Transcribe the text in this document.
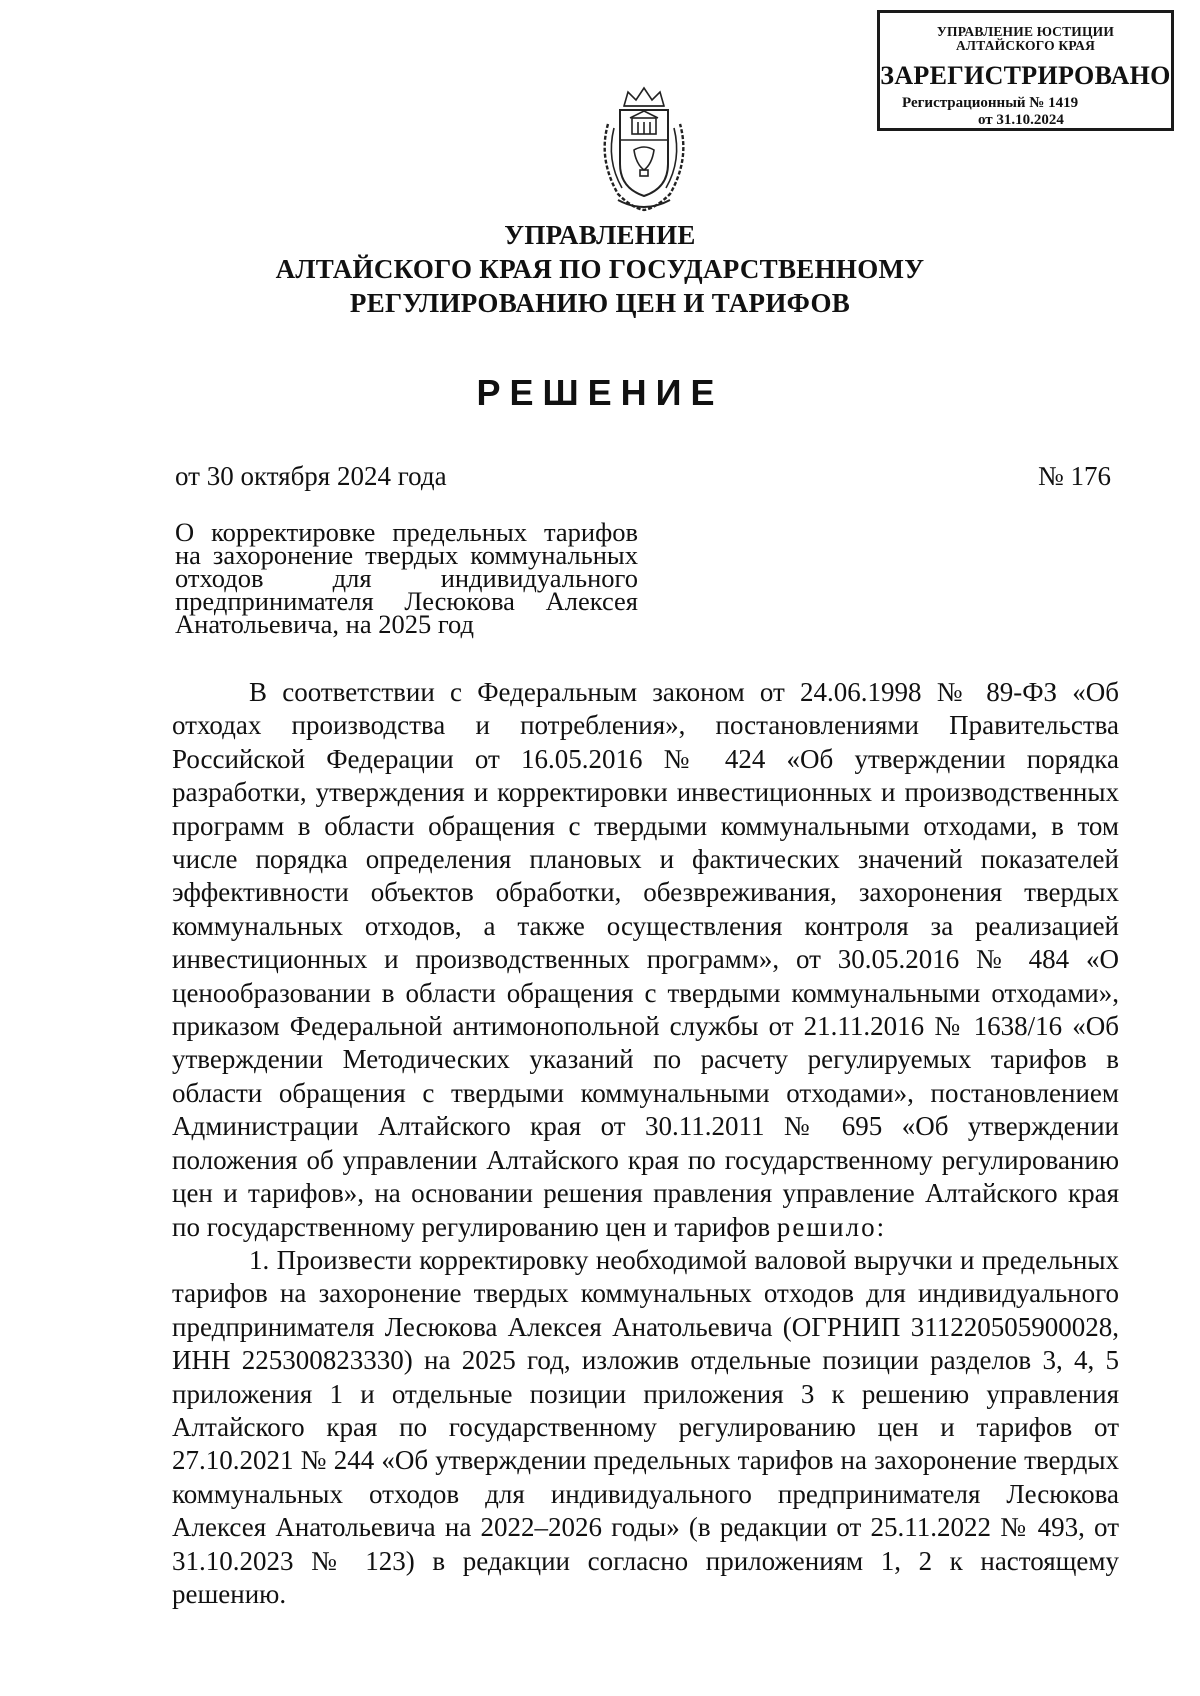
УПРАВЛЕНИЕ ЮСТИЦИИ
АЛТАЙСКОГО КРАЯ
ЗАРЕГИСТРИРОВАНО
Регистрационный № 1419
от 31.10.2024
УПРАВЛЕНИЕ
АЛТАЙСКОГО КРАЯ ПО ГОСУДАРСТВЕННОМУ
РЕГУЛИРОВАНИЮ ЦЕН И ТАРИФОВ
РЕШЕНИЕ
от 30 октября 2024 года	№ 176
О корректировке предельных тарифов
на захоронение твердых коммунальных
отходов для индивидуального
предпринимателя Лесюкова Алексея
Анатольевича, на 2025 год

В соответствии с Федеральным законом от 24.06.1998 № 89-ФЗ «Об отходах производства и потребления», постановлениями Правительства Российской Федерации от 16.05.2016 № 424 «Об утверждении порядка разработки, утверждения и корректировки инвестиционных и производственных программ в области обращения с твердыми коммунальными отходами, в том числе порядка определения плановых и фактических значений показателей эффективности объектов обработки, обезвреживания, захоронения твердых коммунальных отходов, а также осуществления контроля за реализацией инвестиционных и производственных программ», от 30.05.2016 № 484 «О ценообразовании в области обращения с твердыми коммунальными отходами», приказом Федеральной антимонопольной службы от 21.11.2016 № 1638/16 «Об утверждении Методических указаний по расчету регулируемых тарифов в области обращения с твердыми коммунальными отходами», постановлением Администрации Алтайского края от 30.11.2011 № 695 «Об утверждении положения об управлении Алтайского края по государственному регулированию цен и тарифов», на основании решения правления управление Алтайского края по государственному регулированию цен и тарифов решило:

1. Произвести корректировку необходимой валовой выручки и предельных тарифов на захоронение твердых коммунальных отходов для индивидуального предпринимателя Лесюкова Алексея Анатольевича (ОГРНИП 311220505900028, ИНН 225300823330) на 2025 год, изложив отдельные позиции разделов 3, 4, 5 приложения 1 и отдельные позиции приложения 3 к решению управления Алтайского края по государственному регулированию цен и тарифов от 27.10.2021 № 244 «Об утверждении предельных тарифов на захоронение твердых коммунальных отходов для индивидуального предпринимателя Лесюкова Алексея Анатольевича на 2022–2026 годы» (в редакции от 25.11.2022 № 493, от 31.10.2023 № 123) в редакции согласно приложениям 1, 2 к настоящему решению.
